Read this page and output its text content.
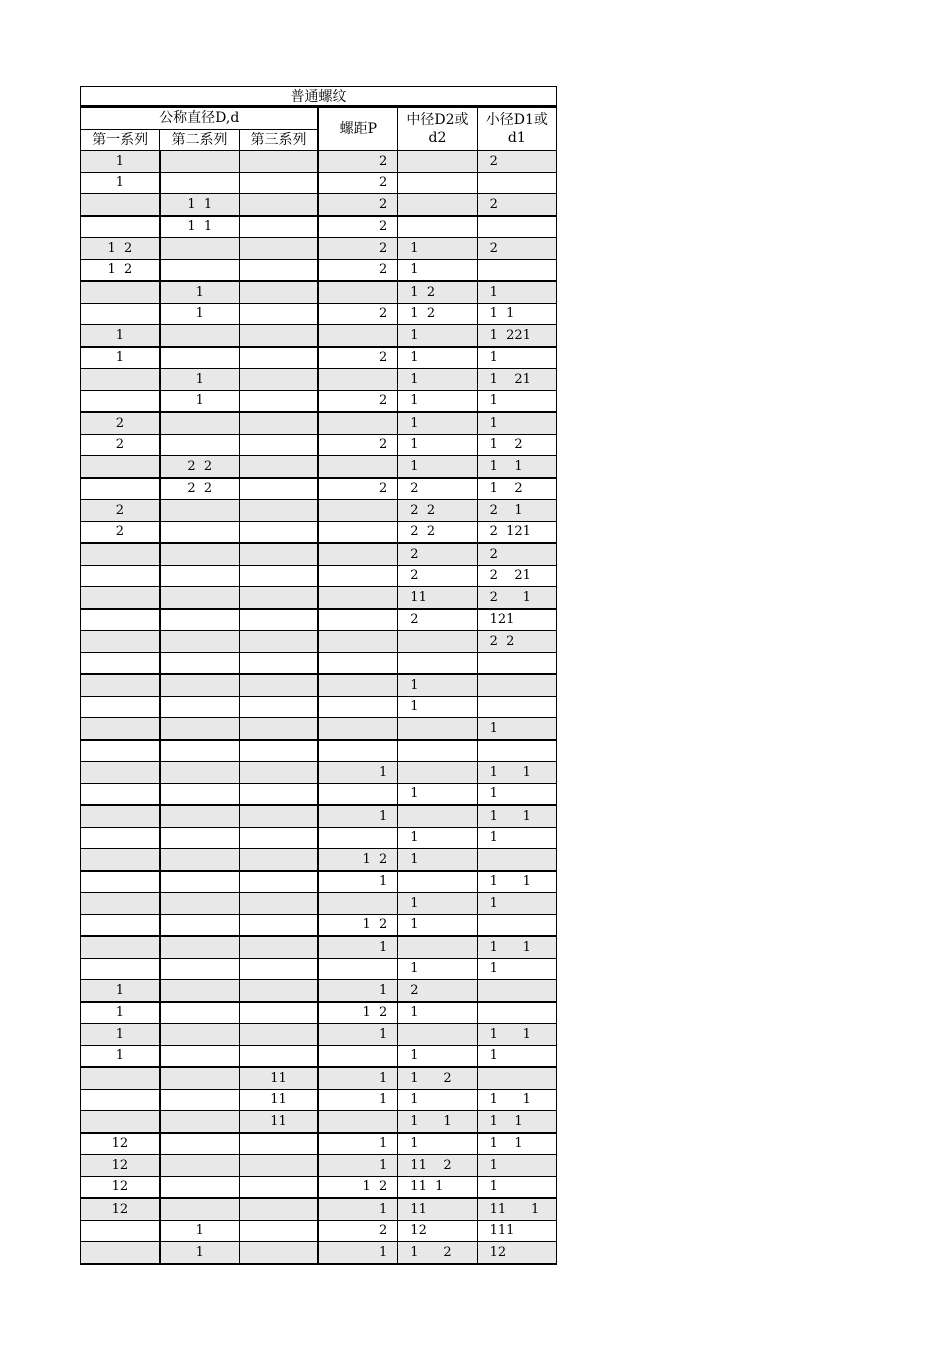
普通螺纹
公称直径D,d			螺距P	中径D2或d2	小径D1或d1
第一系列	第二系列	第三系列			
1			2		2
1			2		
	1  1		2		2
	1  1		2		
1  2			2	1	2
1  2			2	1	
	1			1  2	1
	1		2	1  2	1  1
1				1	1  221
1			2	1	1
	1			1	1    21
	1		2	1	1
2				1	1
2			2	1	1    2
	2  2			1	1    1
	2  2		2	2	1    2
2				2  2	2    1
2				2  2	2  121
				2	2
				2	2    21
				11	2      1
				2	121
					2  2

				1	
				1	
					1

			1		1      1
				1	1
			1		1      1
				1	1
			1  2	1	
			1		1      1
				1	1
			1  2	1	
			1		1      1
				1	1
1			1	2	
1			1  2	1	
1			1		1      1
1				1	1
		11	1	1      2	
		11	1	1	1      1
		11		1      1	1    1
12			1	1	1    1
12			1	11    2	1
12			1  2	11  1	1
12			1	11	11      1
	1		2	12	111
	1		1	1      2	12
